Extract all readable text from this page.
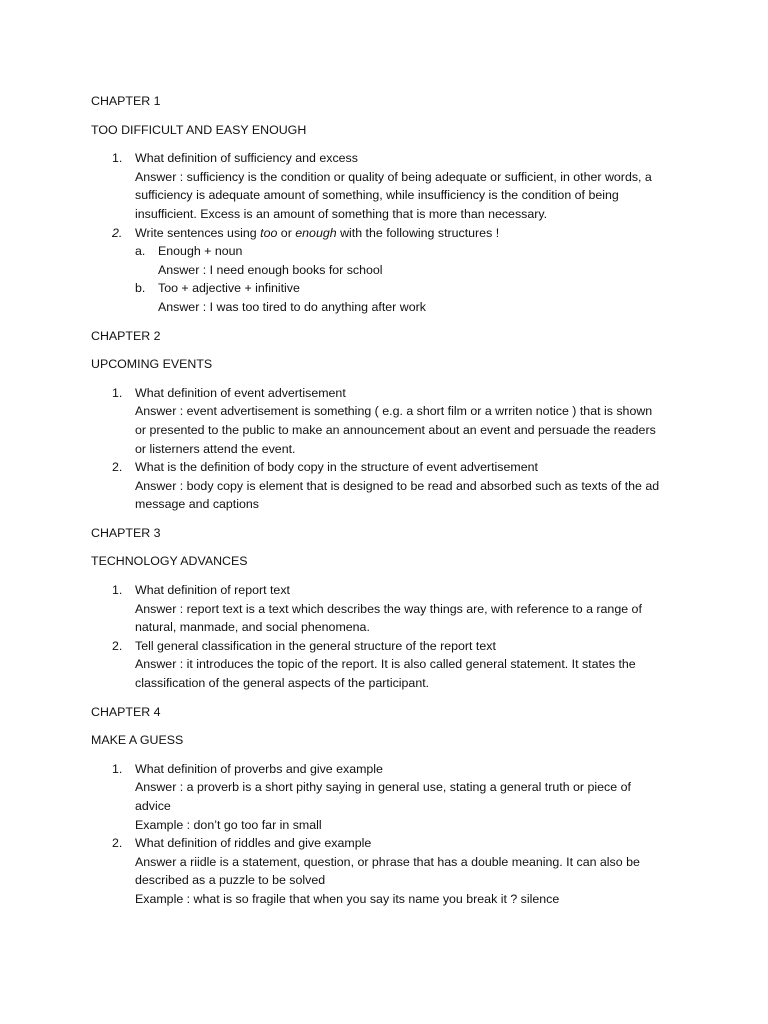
CHAPTER 1
TOO DIFFICULT AND EASY ENOUGH
1. What definition of sufficiency and excess
Answer : sufficiency is the condition or quality of being adequate or sufficient, in other words, a
sufficiency is adequate amount of something, while insufficiency is the condition of being
insufficient. Excess is an amount of something that is more than necessary.
2. Write sentences using too or enough with the following structures !
a. Enough + noun
Answer : I need enough books for school
b. Too + adjective + infinitive
Answer : I was too tired to do anything after work
CHAPTER 2
UPCOMING EVENTS
1. What definition of event advertisement
Answer : event advertisement is something ( e.g. a short film or a wrriten notice ) that is shown
or presented to the public to make an announcement about an event and persuade the readers
or listerners attend the event.
2. What is the definition of body copy in the structure of event advertisement
Answer : body copy is element that is designed to be read and absorbed such as texts of the ad
message and captions
CHAPTER 3
TECHNOLOGY ADVANCES
1. What definition of report text
Answer : report text is a text which describes the way things are, with reference to a range of
natural, manmade, and social phenomena.
2. Tell general classification in the general structure of the report text
Answer : it introduces the topic of the report. It is also called general statement. It states the
classification of the general aspects of the participant.
CHAPTER 4
MAKE A GUESS
1. What definition of proverbs and give example
Answer : a proverb is a short pithy saying in general use, stating a general truth or piece of
advice
Example : don’t go too far in small
2. What definition of riddles and give example
Answer a riidle is a statement, question, or phrase that has a double meaning. It can also be
described as a puzzle to be solved
Example : what is so fragile that when you say its name you break it ? silence
